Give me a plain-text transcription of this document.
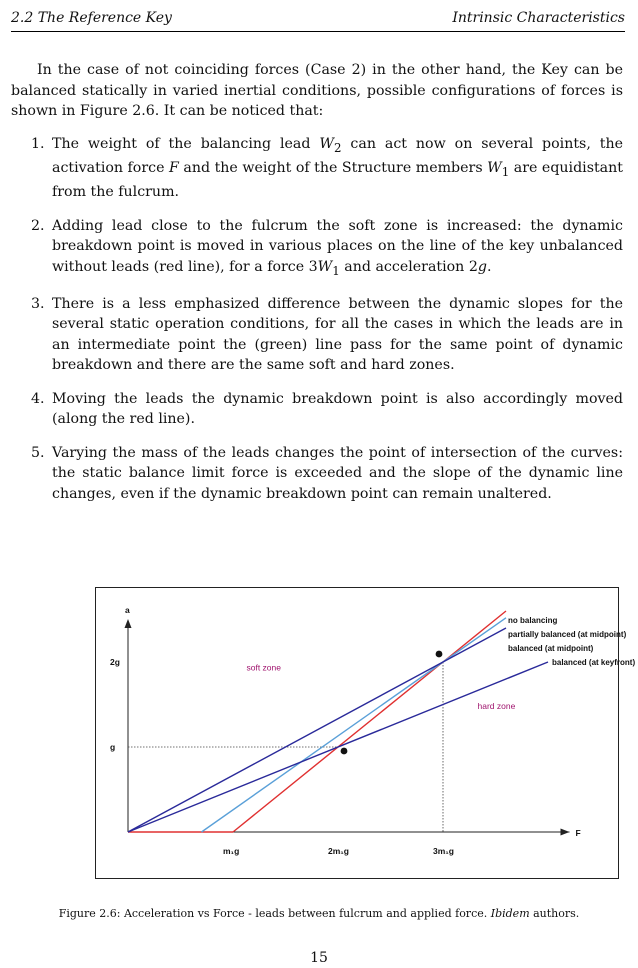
2.2 The Reference Key	Intrinsic Characteristics

In the case of not coinciding forces (Case 2) in the other hand, the Key can be balanced statically in varied inertial conditions, possible configurations of forces is shown in Figure 2.6. It can be noticed that:

1. The weight of the balancing lead $W_2$ can act now on several points, the activation force F and the weight of the Structure members $W_1$ are equidistant from the fulcrum.
2. Adding lead close to the fulcrum the soft zone is increased: the dynamic breakdown point is moved in various places on the line of the key unbalanced without leads (red line), for a force $3W_1$ and acceleration 2g.
3. There is a less emphasized difference between the dynamic slopes for the several static operation conditions, for all the cases in which the leads are in an intermediate point the (green) line pass for the same point of dynamic breakdown and there are the same soft and hard zones.
4. Moving the leads the dynamic breakdown point is also accordingly moved (along the red line).
5. Varying the mass of the leads changes the point of intersection of the curves: the static balance limit force is exceeded and the slope of the dynamic line changes, even if the dynamic breakdown point can remain unaltered.
F
a
m₁g	2m₁g	3m₁g
g
2g
no balancing
partially balanced (at midpoint)
balanced (at midpoint)
balanced (at keyfront)
soft zone
hard zone
Figure 2.6: Acceleration vs Force - leads between fulcrum and applied force. Ibidem authors.
15
